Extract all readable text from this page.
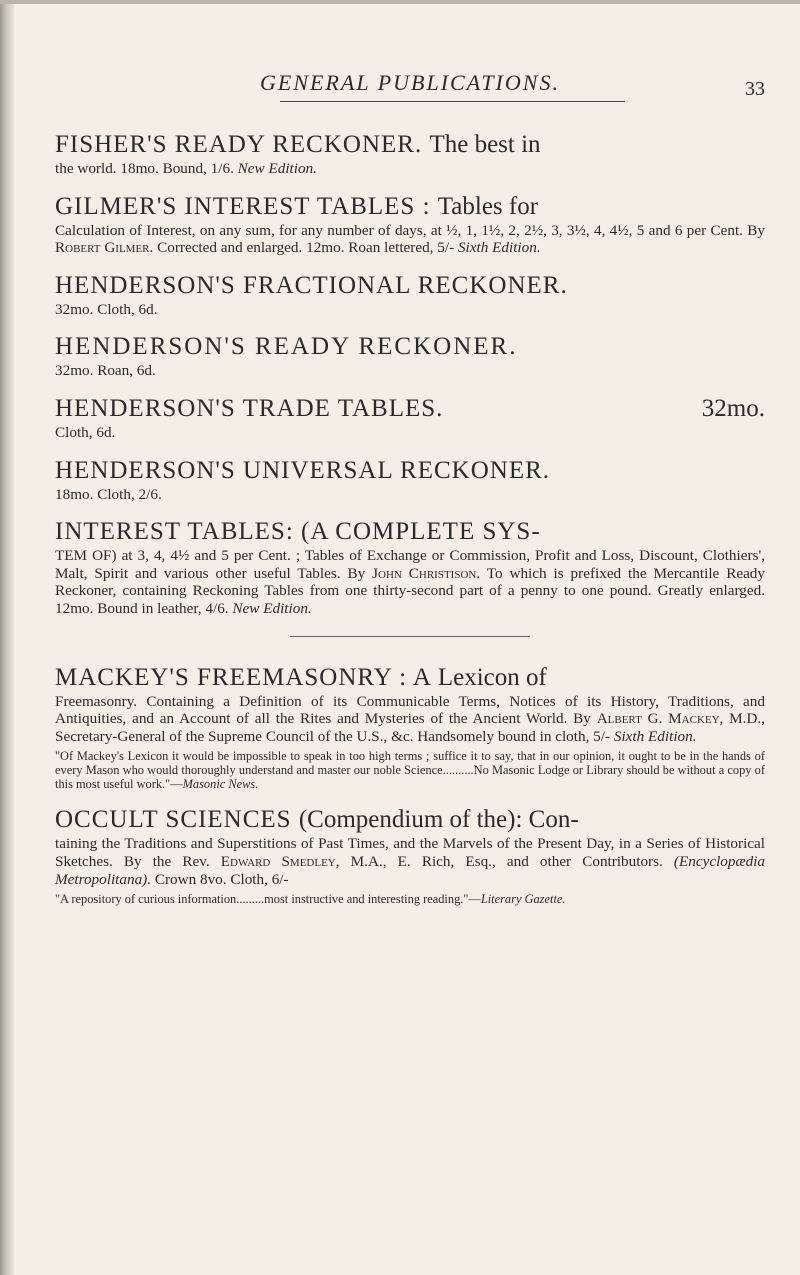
GENERAL PUBLICATIONS.	33

FISHER'S READY RECKONER. The best in

the world. 18mo. Bound, 1/6. New Edition.

GILMER'S INTEREST TABLES : Tables for

Calculation of Interest, on any sum, for any number of days, at ½, 1, 1½, 2, 2½, 3, 3½, 4, 4½, 5 and 6 per Cent. By Robert Gilmer. Corrected and enlarged. 12mo. Roan lettered, 5/- Sixth Edition.

HENDERSON'S FRACTIONAL RECKONER.

32mo. Cloth, 6d.

HENDERSON'S READY RECKONER.

32mo. Roan, 6d.

HENDERSON'S TRADE TABLES.	32mo.

Cloth, 6d.

HENDERSON'S UNIVERSAL RECKONER.

18mo. Cloth, 2/6.

INTEREST TABLES: (A COMPLETE SYS-

TEM OF) at 3, 4, 4½ and 5 per Cent. ; Tables of Exchange or Commission, Profit and Loss, Discount, Clothiers', Malt, Spirit and various other useful Tables. By John Christison. To which is prefixed the Mercantile Ready Reckoner, containing Reckoning Tables from one thirty-second part of a penny to one pound. Greatly enlarged. 12mo. Bound in leather, 4/6. New Edition.

MACKEY'S FREEMASONRY : A Lexicon of

Freemasonry. Containing a Definition of its Communicable Terms, Notices of its History, Traditions, and Antiquities, and an Account of all the Rites and Mysteries of the Ancient World. By Albert G. Mackey, M.D., Secretary-General of the Supreme Council of the U.S., &c. Handsomely bound in cloth, 5/- Sixth Edition.

"Of Mackey's Lexicon it would be impossible to speak in too high terms ; suffice it to say, that in our opinion, it ought to be in the hands of every Mason who would thoroughly understand and master our noble Science..........No Masonic Lodge or Library should be without a copy of this most useful work."—Masonic News.

OCCULT SCIENCES (Compendium of the): Con-

taining the Traditions and Superstitions of Past Times, and the Marvels of the Present Day, in a Series of Historical Sketches. By the Rev. Edward Smedley, M.A., E. Rich, Esq., and other Contributors. (Encyclopædia Metropolitana). Crown 8vo. Cloth, 6/-

"A repository of curious information.........most instructive and interesting reading."—Literary Gazette.
